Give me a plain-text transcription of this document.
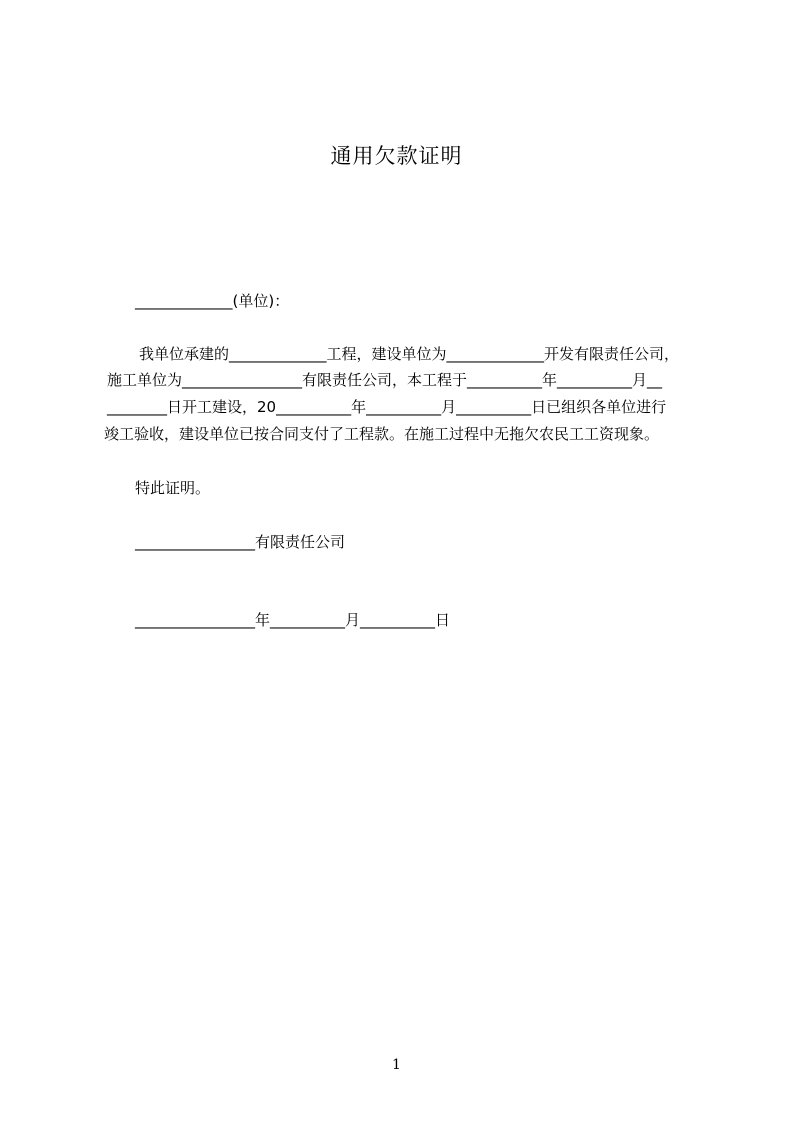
通用欠款证明
_____________(单位)：
我单位承建的_____________工程，建设单位为_____________开发有限责任公司，
施工单位为________________有限责任公司，本工程于__________年__________月__
________日开工建设，20__________年__________月__________日已组织各单位进行
竣工验收，建设单位已按合同支付了工程款。在施工过程中无拖欠农民工工资现象。
特此证明。
________________有限责任公司
________________年__________月__________日
1
